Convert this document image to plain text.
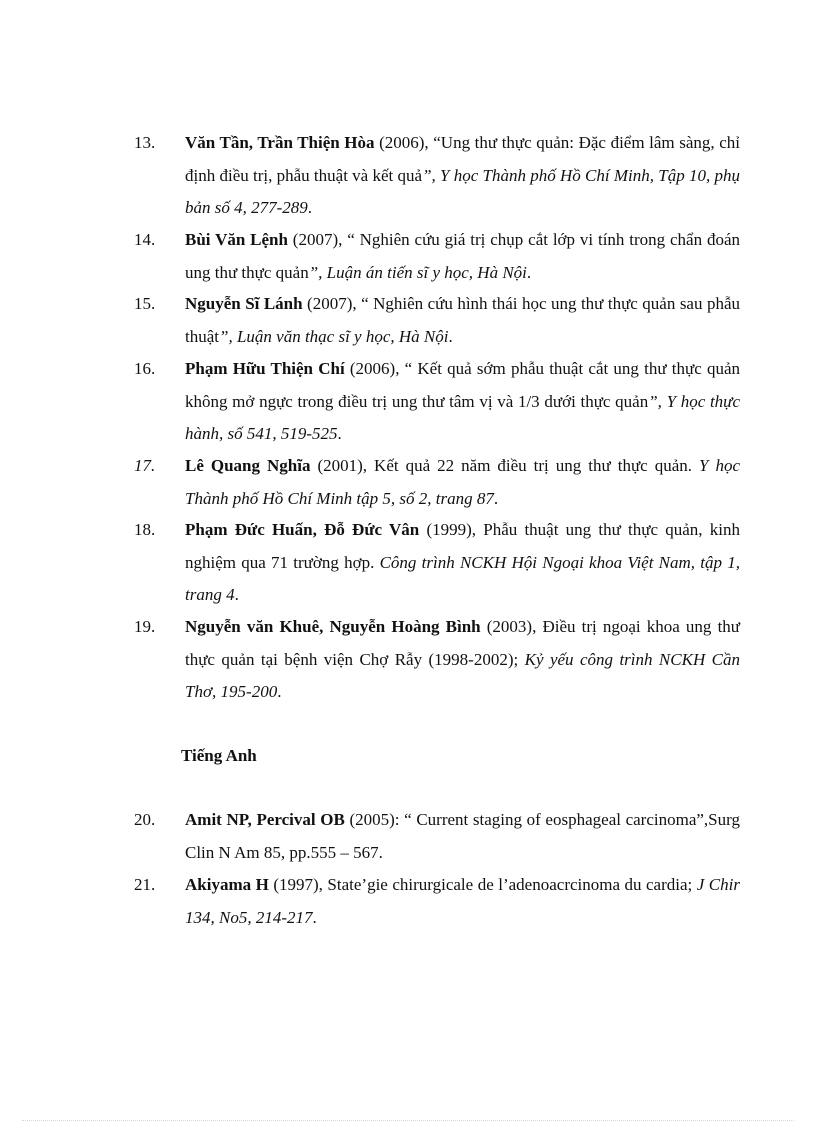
13.	Văn Tần, Trần Thiện Hòa (2006), “Ung thư thực quản: Đặc điểm lâm sàng, chỉ định điều trị, phẫu thuật và kết quả”, Y học Thành phố Hồ Chí Minh, Tập 10, phụ bản số 4, 277-289.
14.	Bùi Văn Lệnh (2007), “ Nghiên cứu giá trị chụp cắt lớp vi tính trong chẩn đoán ung thư thực quản”, Luận án tiến sĩ y học, Hà Nội.
15.	Nguyễn Sĩ Lánh (2007), “ Nghiên cứu hình thái học ung thư thực quản sau phẫu thuật”, Luận văn thạc sĩ y học, Hà Nội.
16.	Phạm Hữu Thiện Chí (2006), “ Kết quả sớm phẫu thuật cắt ung thư thực quản không mở ngực trong điều trị ung thư tâm vị và 1/3 dưới thực quản”, Y học thực hành, số 541, 519-525.
17.	Lê Quang Nghĩa (2001), Kết quả 22 năm điều trị ung thư thực quản. Y học Thành phố Hồ Chí Minh tập 5, số 2, trang 87.
18.	Phạm Đức Huấn, Đỗ Đức Vân (1999), Phẫu thuật ung thư thực quản, kinh nghiệm qua 71 trường hợp. Công trình NCKH Hội Ngoại khoa Việt Nam, tập 1, trang 4.
19.	Nguyễn văn Khuê, Nguyễn Hoàng Bình (2003), Điều trị ngoại khoa ung thư thực quản tại bệnh viện Chợ Rẫy (1998-2002); Kỷ yếu công trình NCKH Cần Thơ, 195-200.
Tiếng Anh
20.	Amit NP, Percival OB (2005): “ Current staging of eosphageal carcinoma”,Surg Clin N Am 85, pp.555 – 567.
21.	Akiyama H (1997), State’gie chirurgicale de l’adenoacrcinoma du cardia; J Chir 134, No5, 214-217.
